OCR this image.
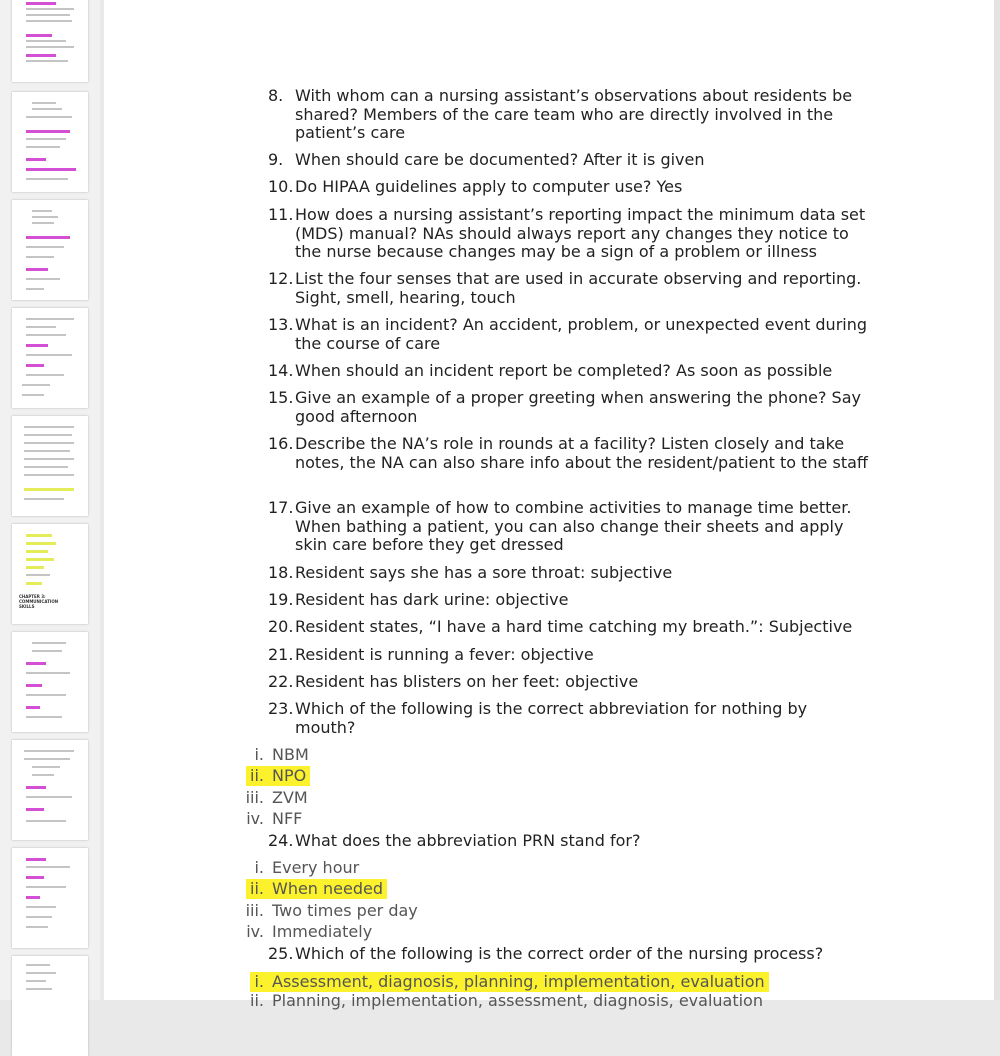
CHAPTER 3: COMMUNICATION SKILLS
8. With whom can a nursing assistant’s observations about residents be shared? Members of the care team who are directly involved in the patient’s care
9. When should care be documented? After it is given
10. Do HIPAA guidelines apply to computer use? Yes
11. How does a nursing assistant’s reporting impact the minimum data set (MDS) manual? NAs should always report any changes they notice to the nurse because changes may be a sign of a problem or illness
12. List the four senses that are used in accurate observing and reporting. Sight, smell, hearing, touch
13. What is an incident? An accident, problem, or unexpected event during the course of care
14. When should an incident report be completed? As soon as possible
15. Give an example of a proper greeting when answering the phone? Say good afternoon
16. Describe the NA’s role in rounds at a facility? Listen closely and take notes, the NA can also share info about the resident/patient to the staff
17. Give an example of how to combine activities to manage time better. When bathing a patient, you can also change their sheets and apply skin care before they get dressed
18. Resident says she has a sore throat: subjective
19. Resident has dark urine: objective
20. Resident states, “I have a hard time catching my breath.”: Subjective
21. Resident is running a fever: objective
22. Resident has blisters on her feet: objective
23. Which of the following is the correct abbreviation for nothing by mouth?
i. NBM
ii. NPO
iii. ZVM
iv. NFF
24. What does the abbreviation PRN stand for?
i. Every hour
ii. When needed
iii. Two times per day
iv. Immediately
25. Which of the following is the correct order of the nursing process?
i. Assessment, diagnosis, planning, implementation, evaluation
ii. Planning, implementation, assessment, diagnosis, evaluation
